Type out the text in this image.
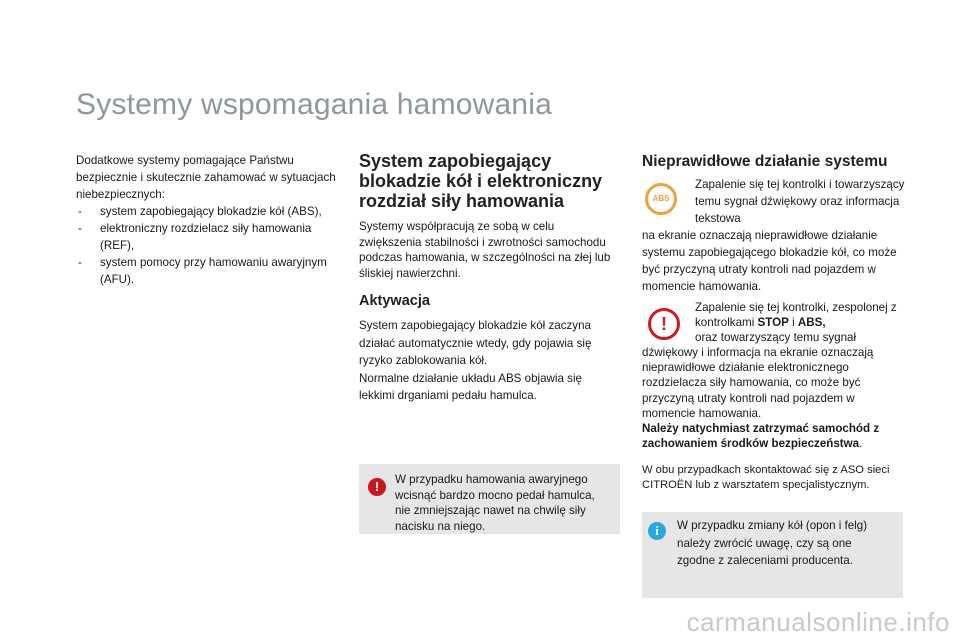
Systemy wspomagania hamowania

Dodatkowe systemy pomagające Państwu bezpiecznie i skutecznie zahamować w sytuacjach niebezpiecznych:

- system zapobiegający blokadzie kół (ABS),
- elektroniczny rozdzielacz siły hamowania (REF),
- system pomocy przy hamowaniu awaryjnym (AFU).
System zapobiegający blokadzie kół i elektroniczny rozdział siły hamowania

Systemy współpracują ze sobą w celu zwiększenia stabilności i zwrotności samochodu podczas hamowania, w szczególności na złej lub śliskiej nawierzchni.

Aktywacja

System zapobiegający blokadzie kół zaczyna działać automatycznie wtedy, gdy pojawia się ryzyko zablokowania kół.

Normalne działanie układu ABS objawia się lekkimi drganiami pedału hamulca.

!	W przypadku hamowania awaryjnego wcisnąć bardzo mocno pedał hamulca, nie zmniejszając nawet na chwilę siły nacisku na niego.

Nieprawidłowe działanie systemu
ABS

Zapalenie się tej kontrolki i towarzyszący temu sygnał dźwiękowy oraz informacja tekstowa

na ekranie oznaczają nieprawidłowe działanie systemu zapobiegającego blokadzie kół, co może być przyczyną utraty kontroli nad pojazdem w momencie hamowania.

!

Zapalenie się tej kontrolki, zespolonej z kontrolkami STOP i ABS,
oraz towarzyszący temu sygnał

dźwiękowy i informacja na ekranie oznaczają nieprawidłowe działanie elektronicznego rozdzielacza siły hamowania, co może być przyczyną utraty kontroli nad pojazdem w momencie hamowania.
Należy natychmiast zatrzymać samochód z zachowaniem środków bezpieczeństwa.

W obu przypadkach skontaktować się z ASO sieci CITROËN lub z warsztatem specjalistycznym.

i	W przypadku zmiany kół (opon i felg) należy zwrócić uwagę, czy są one zgodne z zaleceniami producenta.

carmanualsonline.info
